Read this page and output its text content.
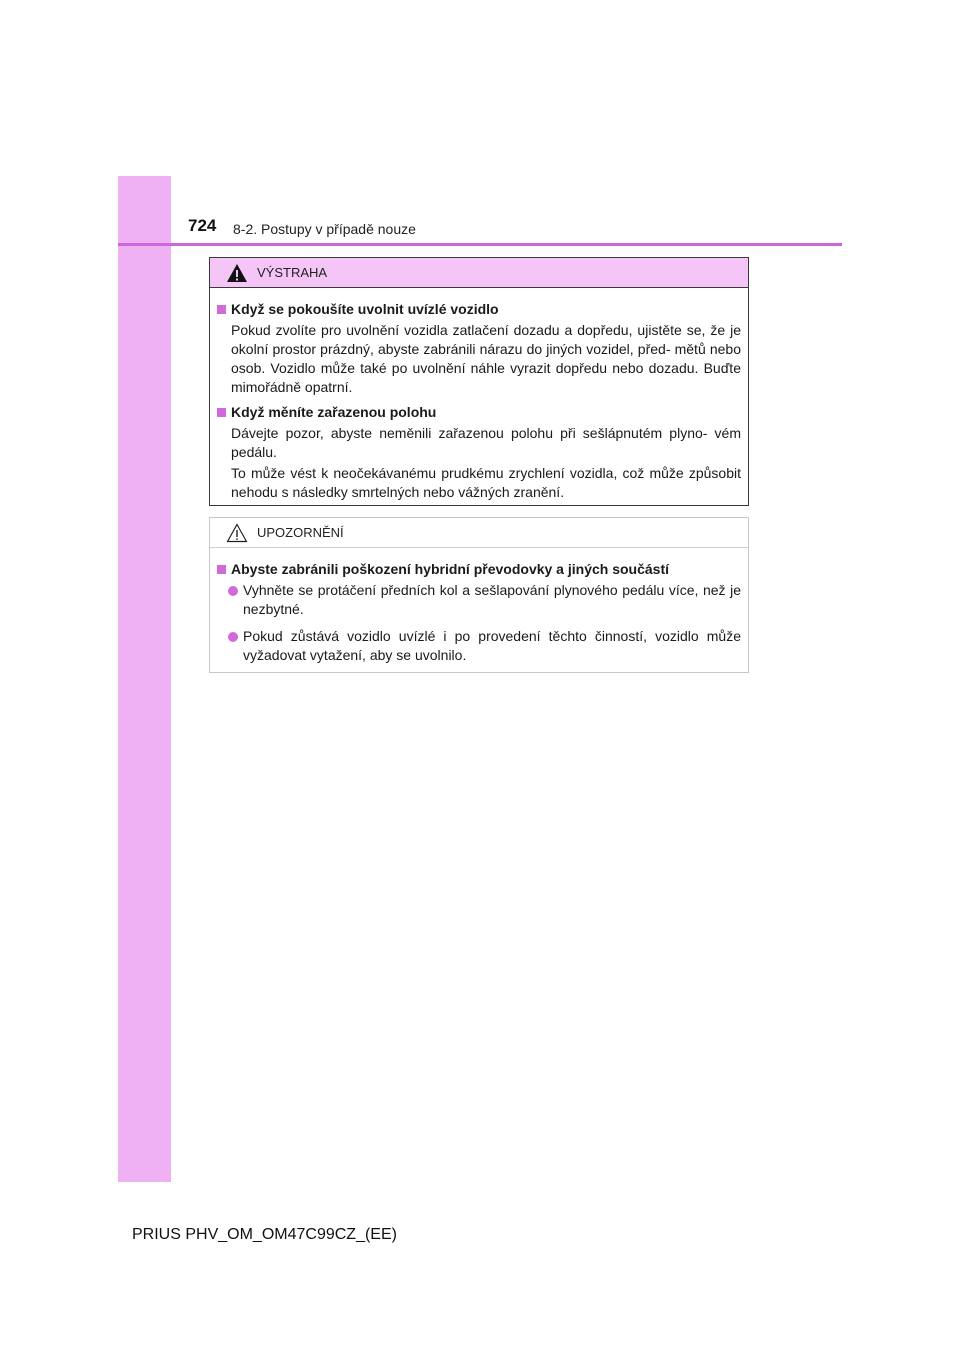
724 8-2. Postupy v případě nouze
VÝSTRAHA
Když se pokoušíte uvolnit uvízlé vozidlo
Pokud zvolíte pro uvolnění vozidla zatlačení dozadu a dopředu, ujistěte se, že je okolní prostor prázdný, abyste zabránili nárazu do jiných vozidel, před- mětů nebo osob. Vozidlo může také po uvolnění náhle vyrazit dopředu nebo dozadu. Buďte mimořádně opatrní.
Když měníte zařazenou polohu
Dávejte pozor, abyste neměnili zařazenou polohu při sešlápnutém plyno- vém pedálu.
To může vést k neočekávanému prudkému zrychlení vozidla, což může způsobit nehodu s následky smrtelných nebo vážných zranění.
UPOZORNĚNÍ
Abyste zabránili poškození hybridní převodovky a jiných součástí
Vyhněte se protáčení předních kol a sešlapování plynového pedálu více, než je nezbytné.
Pokud zůstává vozidlo uvízlé i po provedení těchto činností, vozidlo může vyžadovat vytažení, aby se uvolnilo.
PRIUS PHV_OM_OM47C99CZ_(EE)
